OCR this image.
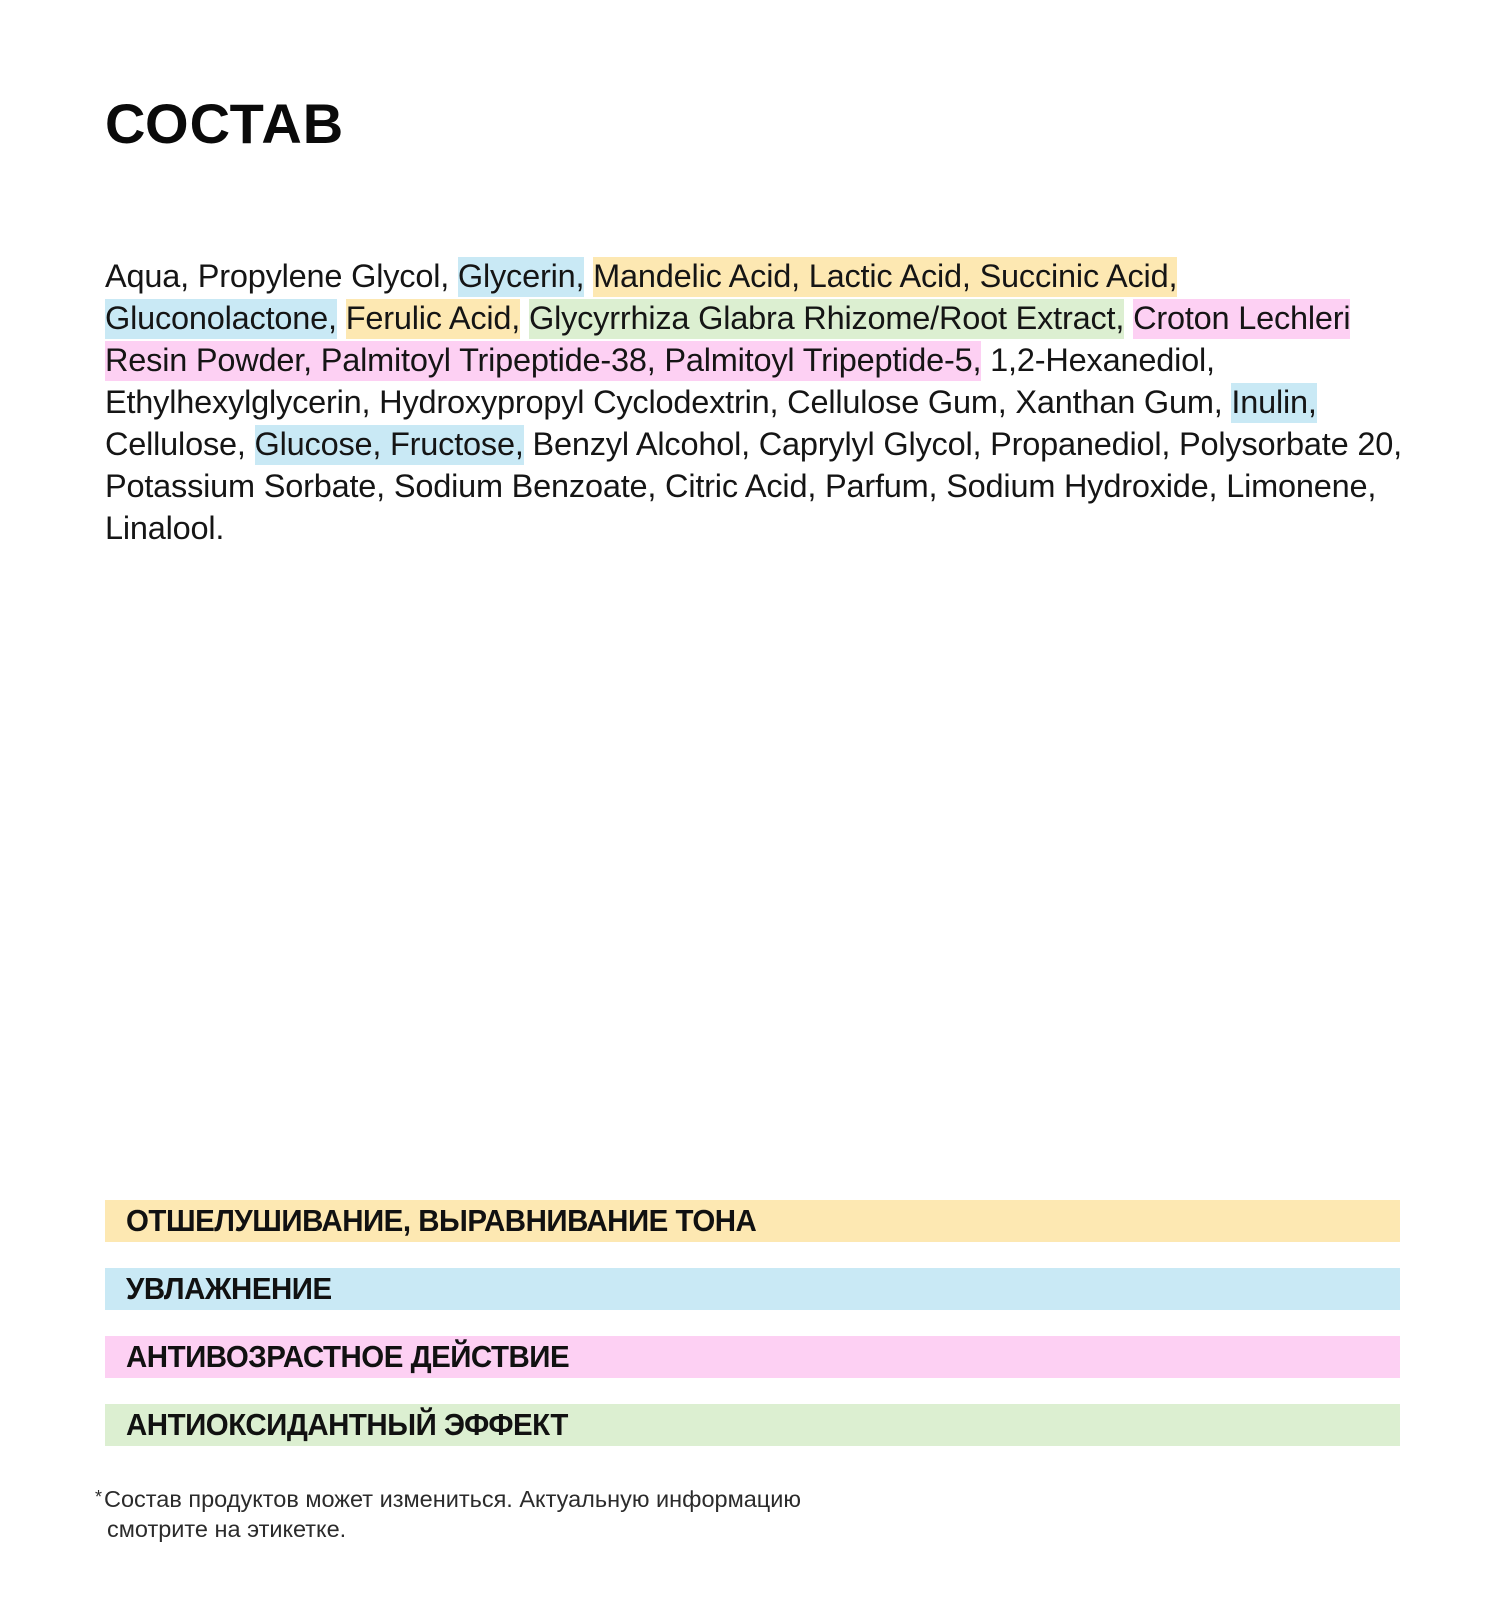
СОСТАВ

Aqua, Propylene Glycol, Glycerin, Mandelic Acid, Lactic Acid, Succinic Acid, Gluconolactone, Ferulic Acid, Glycyrrhiza Glabra Rhizome/Root Extract, Croton Lechleri Resin Powder, Palmitoyl Tripeptide-38, Palmitoyl Tripeptide-5, 1,2-Hexanediol, Ethylhexylglycerin, Hydroxypropyl Cyclodextrin, Cellulose Gum, Xanthan Gum, Inulin, Cellulose, Glucose, Fructose, Benzyl Alcohol, Caprylyl Glycol, Propanediol, Polysorbate 20, Potassium Sorbate, Sodium Benzoate, Citric Acid, Parfum, Sodium Hydroxide, Limonene, Linalool.

ОТШЕЛУШИВАНИЕ, ВЫРАВНИВАНИЕ ТОНА
УВЛАЖНЕНИЕ
АНТИВОЗРАСТНОЕ ДЕЙСТВИЕ
АНТИОКСИДАНТНЫЙ ЭФФЕКТ
*Состав продуктов может измениться. Актуальную информацию
смотрите на этикетке.
